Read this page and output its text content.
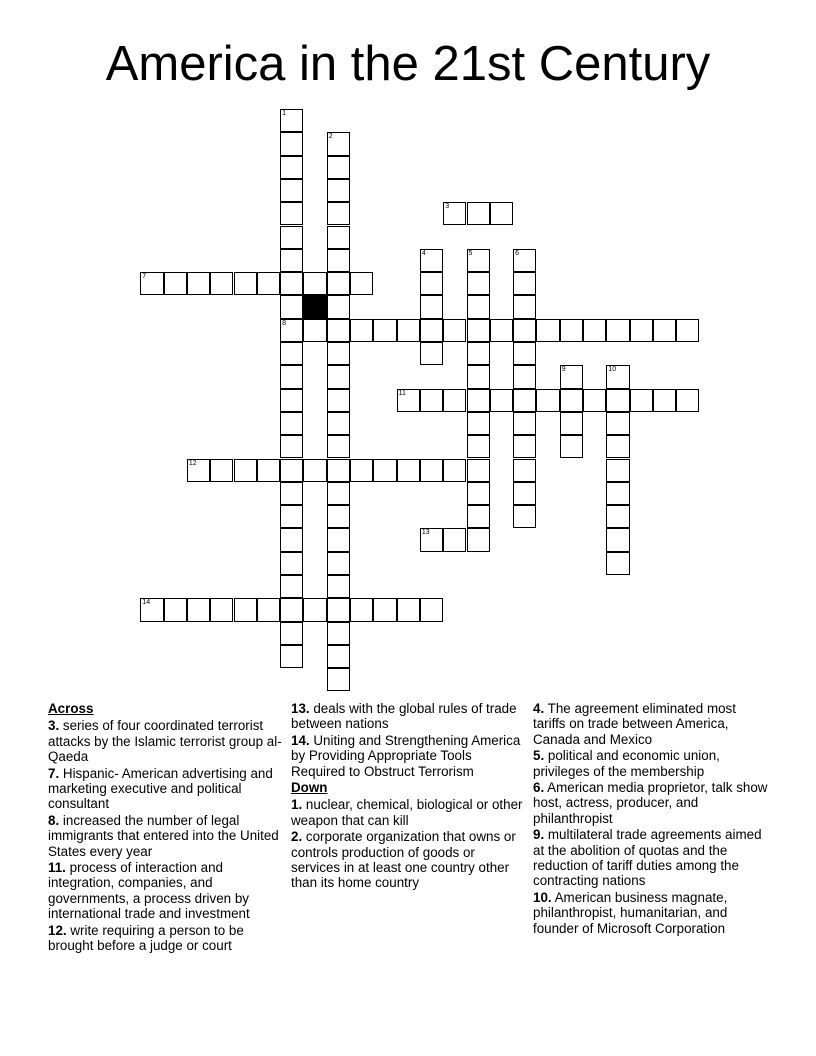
America in the 21st Century
1
8
2
3
4	5	6
7
9	10
11
12
13
14
Across
3. series of four coordinated terrorist attacks by the Islamic terrorist group al-Qaeda
7. Hispanic- American advertising and marketing executive and political consultant
8. increased the number of legal immigrants that entered into the United States every year
11. process of interaction and integration, companies, and governments, a process driven by international trade and investment
12. write requiring a person to be brought before a judge or court
13. deals with the global rules of trade between nations
14. Uniting and Strengthening America by Providing Appropriate Tools Required to Obstruct Terrorism
Down
1. nuclear, chemical, biological or other weapon that can kill
2. corporate organization that owns or controls production of goods or services in at least one country other than its home country
4. The agreement eliminated most tariffs on trade between America, Canada and Mexico
5. political and economic union, privileges of the membership
6. American media proprietor, talk show host, actress, producer, and philanthropist
9. multilateral trade agreements aimed at the abolition of quotas and the reduction of tariff duties among the contracting nations
10. American business magnate, philanthropist, humanitarian, and founder of Microsoft Corporation
